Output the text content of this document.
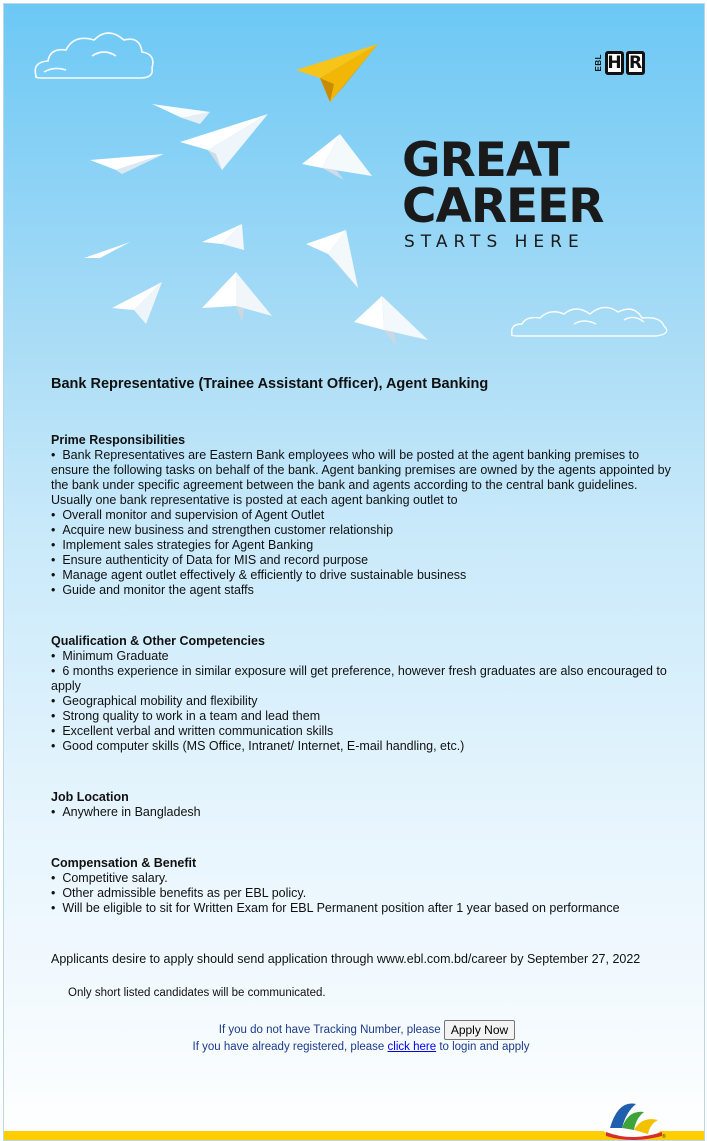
EBL H R
GREAT
CAREER
STARTS HERE
Bank Representative (Trainee Assistant Officer), Agent Banking
Prime Responsibilities
•  Bank Representatives are Eastern Bank employees who will be posted at the agent banking premises to ensure the following tasks on behalf of the bank. Agent banking premises are owned by the agents appointed by the bank under specific agreement between the bank and agents according to the central bank guidelines. Usually one bank representative is posted at each agent banking outlet to
•  Overall monitor and supervision of Agent Outlet
•  Acquire new business and strengthen customer relationship
•  Implement sales strategies for Agent Banking
•  Ensure authenticity of Data for MIS and record purpose
•  Manage agent outlet effectively & efficiently to drive sustainable business
•  Guide and monitor the agent staffs
Qualification & Other Competencies
•  Minimum Graduate
•  6 months experience in similar exposure will get preference, however fresh graduates are also encouraged to apply
•  Geographical mobility and flexibility
•  Strong quality to work in a team and lead them
•  Excellent verbal and written communication skills
•  Good computer skills (MS Office, Intranet/ Internet, E-mail handling, etc.)
Job Location
•  Anywhere in Bangladesh
Compensation & Benefit
•  Competitive salary.
•  Other admissible benefits as per EBL policy.
•  Will be eligible to sit for Written Exam for EBL Permanent position after 1 year based on performance
Applicants desire to apply should send application through www.ebl.com.bd/career by September 27, 2022
Only short listed candidates will be communicated.
If you do not have Tracking Number, please Apply Now
If you have already registered, please click here to login and apply
®
